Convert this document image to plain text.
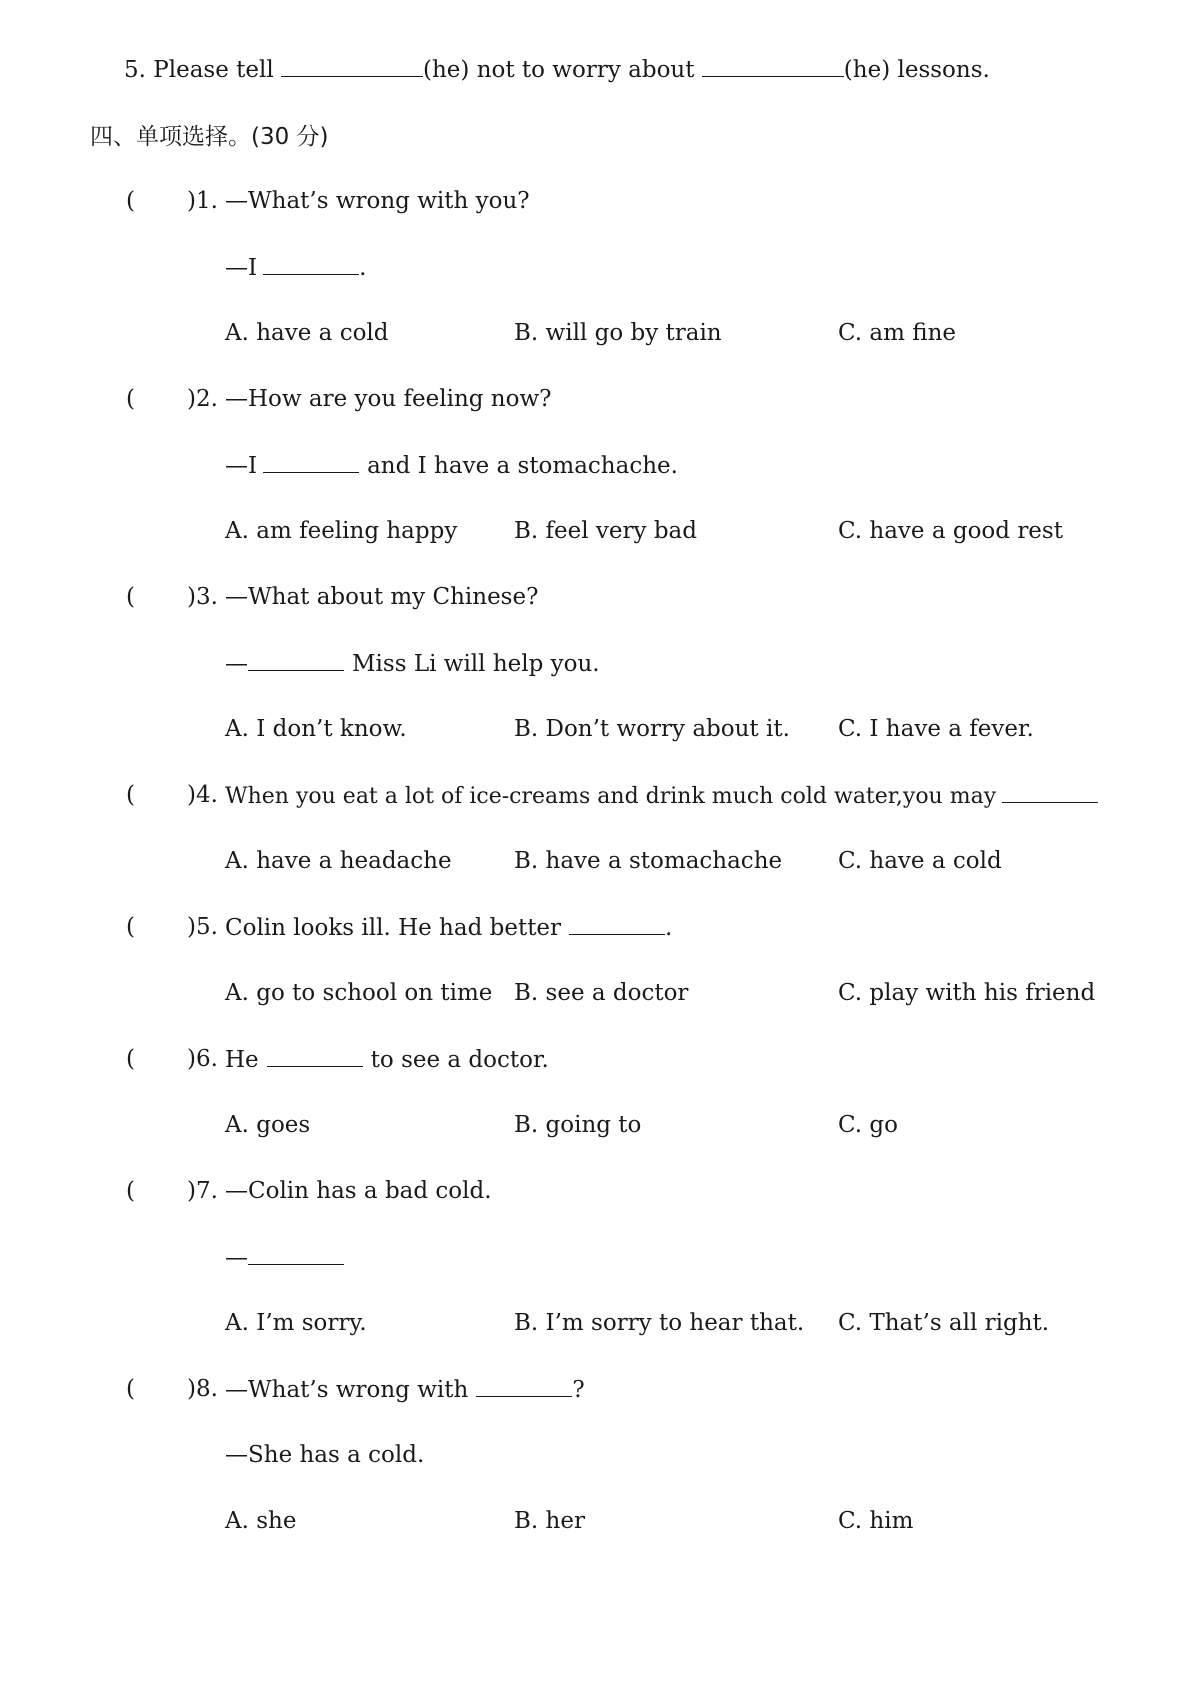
5. Please tell	(he) not to worry about	(he) lessons.
四、单项选择。(30 分)
( )1. —What’s wrong with you?
—I	.
A. have a cold	B. will go by train	C. am fine
( )2. —How are you feeling now?
—I	and I have a stomachache.
A. am feeling happy B. feel very bad	C. have a good rest
( )3. —What about my Chinese?
—	Miss Li will help you.
A. I don’t know.	B. Don’t worry about it. C. I have a fever.
( )4. When you eat a lot of ice-creams and drink much cold water,you may
A. have a headache	B. have a stomachache C. have a cold
( )5. Colin looks ill. He had better	.
A. go to school on time B. see a doctor	C. play with his friend
( )6. He	to see a doctor.
A. goes	B. going to	C. go
( )7. —Colin has a bad cold.
—
A. I’m sorry.	B. I’m sorry to hear that. C. That’s all right.
( )8. —What’s wrong with	?
—She has a cold.
A. she	B. her	C. him
